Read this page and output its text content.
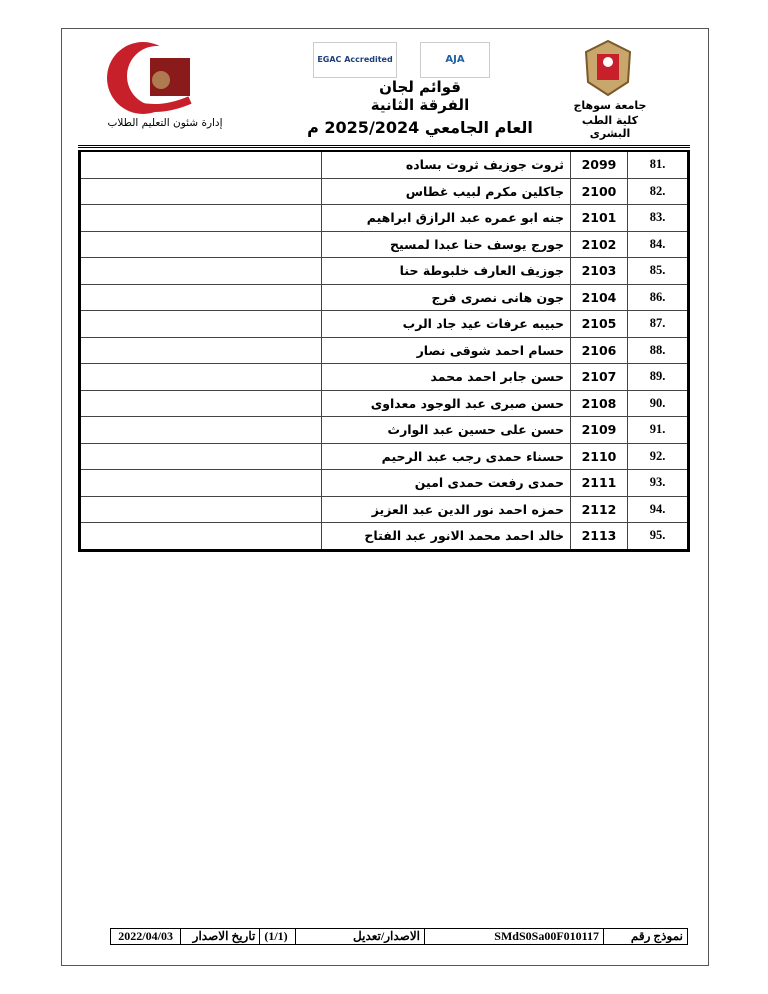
إدارة شئون التعليم الطلاب
EGAC Accredited	AJA
جامعة سوهاج
كلية الطب البشرى
قوائم لجان
الفرقة الثانية
العام الجامعي 2025/2024 م
	ثروت جوزيف ثروت بساده	2099	81.
	جاكلين مكرم لبيب غطاس	2100	82.
	جنه ابو عمره عبد الرازق ابراهيم	2101	83.
	جورج يوسف حنا عبدا لمسيح	2102	84.
	جوزيف العارف خلبوطة حنا	2103	85.
	جون هانى نصرى فرج	2104	86.
	حبيبه عرفات عيد جاد الرب	2105	87.
	حسام احمد شوقى نصار	2106	88.
	حسن جابر احمد محمد	2107	89.
	حسن صبرى عبد الوجود معداوى	2108	90.
	حسن على حسين عبد الوارث	2109	91.
	حسناء حمدى رجب عبد الرحيم	2110	92.
	حمدى رفعت حمدى امين	2111	93.
	حمزه احمد نور الدين عبد العزيز	2112	94.
	خالد احمد محمد الانور عبد الفتاح	2113	95.
2022/04/03	تاريخ الاصدار	(1/1)	الاصدار/تعديل	SMdS0Sa00F010117	نموذج رقم
